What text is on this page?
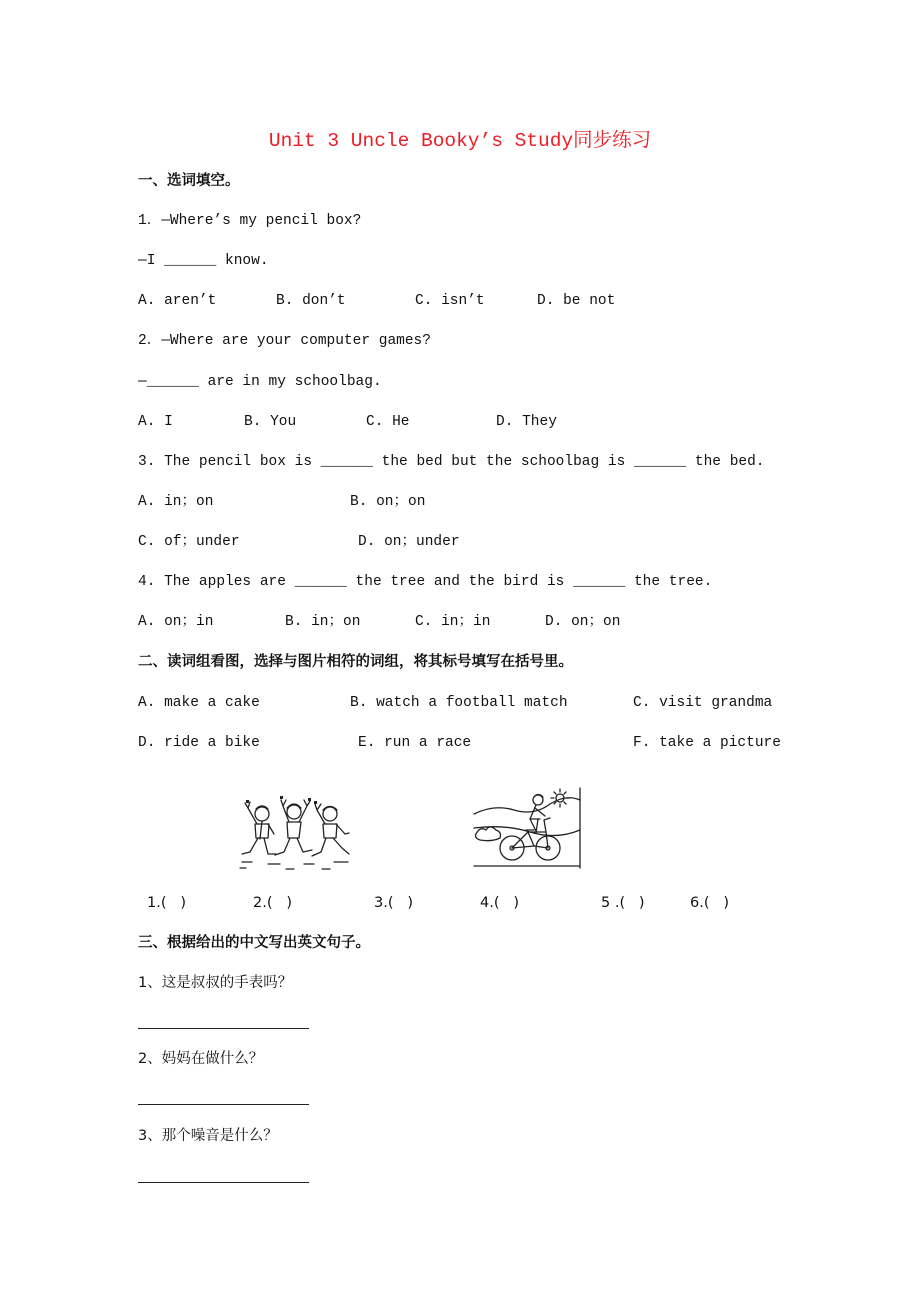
Unit 3 Uncle Booky’s Study同步练习
一、选词填空。
1．—Where’s my pencil box?
—I ______ know.
A. aren’t	B. don’t	C. isn’t	D. be not
2．—Where are your computer games?
—______ are in my schoolbag.
A. I	B. You	C. He	D. They
3. The pencil box is ______ the bed but the schoolbag is ______ the bed.
A. in；on	B. on；on
C. of；under	D. on；under
4. The apples are ______ the tree and the bird is ______ the tree.
A. on；in	B. in；on	C. in；in	D. on；on
二、读词组看图，选择与图片相符的词组，将其标号填写在括号里。
A. make a cake	B. watch a football match	C. visit grandma
D. ride a bike	E. run a race	F. take a picture
1.(   )	2.(   )	3.(   )	4.(   )	5 .(   )	6.(   )
三、根据给出的中文写出英文句子。
1、这是叔叔的手表吗？
2、妈妈在做什么？
3、那个噪音是什么？
